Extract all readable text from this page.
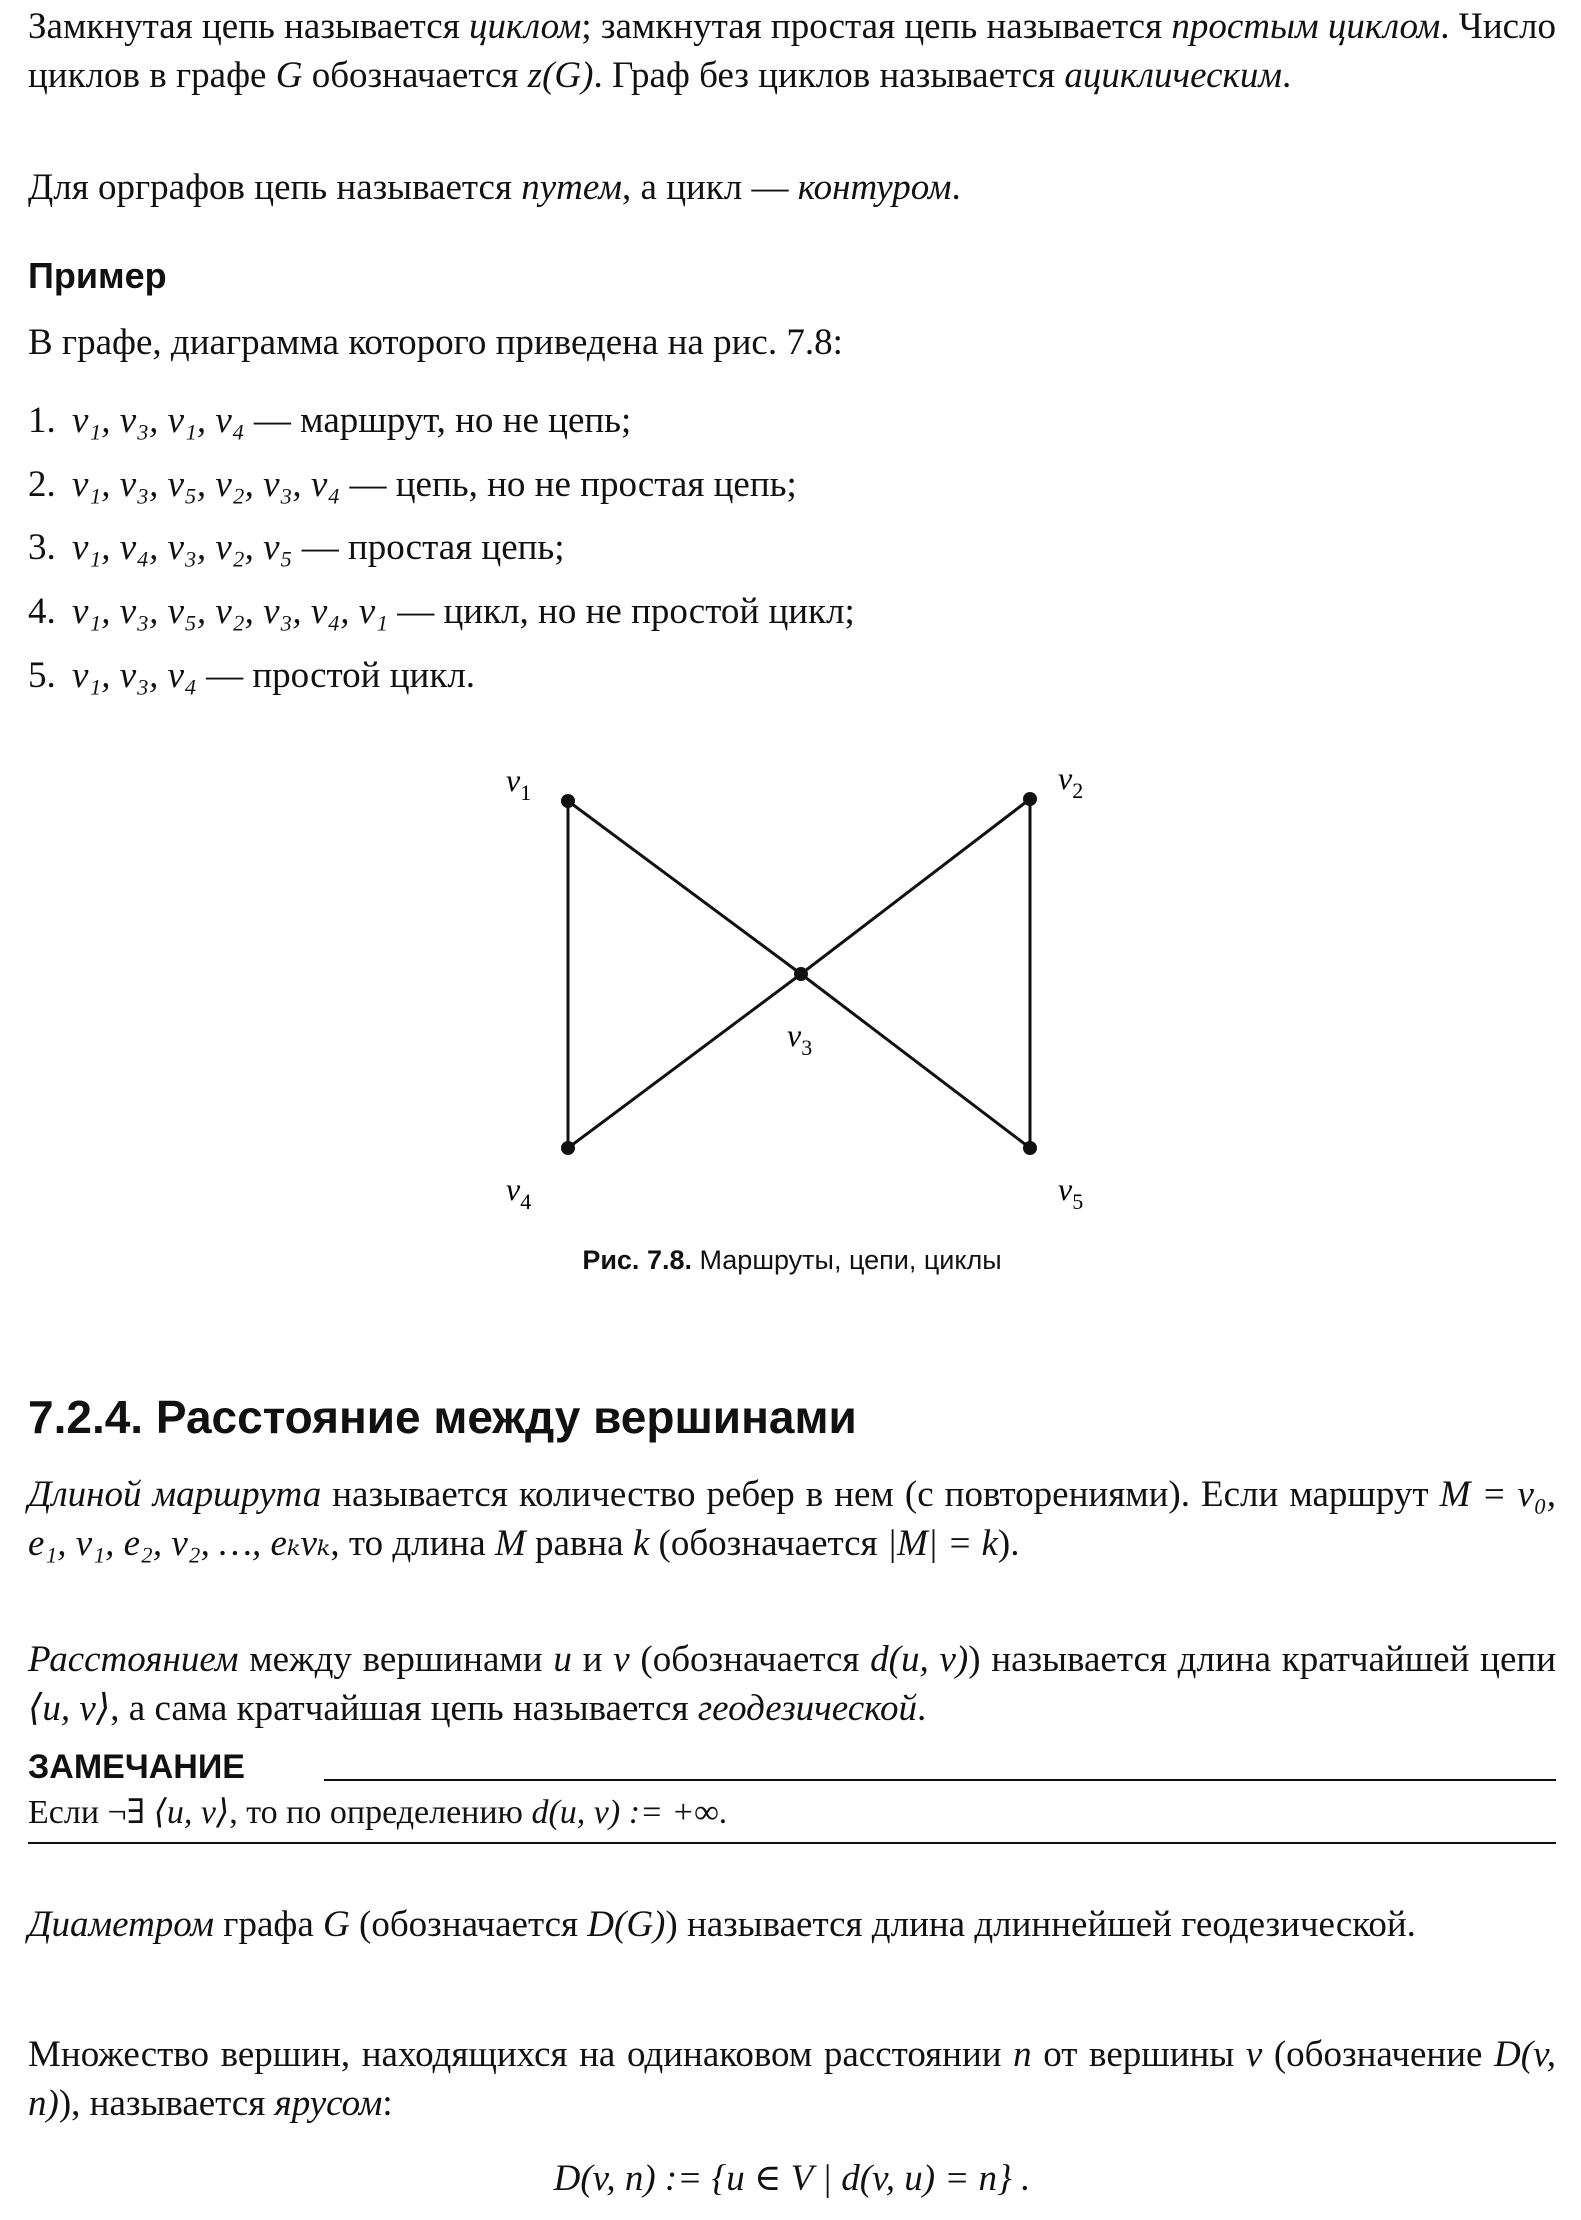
Замкнутая цепь называется циклом; замкнутая простая цепь называется простым циклом. Число циклов в графе G обозначается z(G). Граф без циклов называется ациклическим.

Для орграфов цепь называется путем, а цикл — контуром.

Пример

В графе, диаграмма которого приведена на рис. 7.8:

1. v₁, v₃, v₁, v₄ — маршрут, но не цепь;

2. v₁, v₃, v₅, v₂, v₃, v₄ — цепь, но не простая цепь;

3. v₁, v₄, v₃, v₂, v₅ — простая цепь;

4. v₁, v₃, v₅, v₂, v₃, v₄, v₁ — цикл, но не простой цикл;

5. v₁, v₃, v₄ — простой цикл.

$v_1$	$v_2$
$v_3$
$v_4$	$v_5$
Рис. 7.8. Маршруты, цепи, циклы
7.2.4. Расстояние между вершинами

Длиной маршрута называется количество ребер в нем (с повторениями). Если маршрут M = v₀, e₁, v₁, e₂, v₂, …, eₖvₖ, то длина M равна k (обозначается |M| = k).

Расстоянием между вершинами u и v (обозначается d(u, v)) называется длина кратчайшей цепи ⟨u, v⟩, а сама кратчайшая цепь называется геодезической.

ЗАМЕЧАНИЕ
Если ¬∃ ⟨u, v⟩, то по определению d(u, v) := +∞.

Диаметром графа G (обозначается D(G)) называется длина длиннейшей геодезической.

Множество вершин, находящихся на одинаковом расстоянии n от вершины v (обозначение D(v, n)), называется ярусом:

D(v, n) := {u ∈ V | d(v, u) = n} .
